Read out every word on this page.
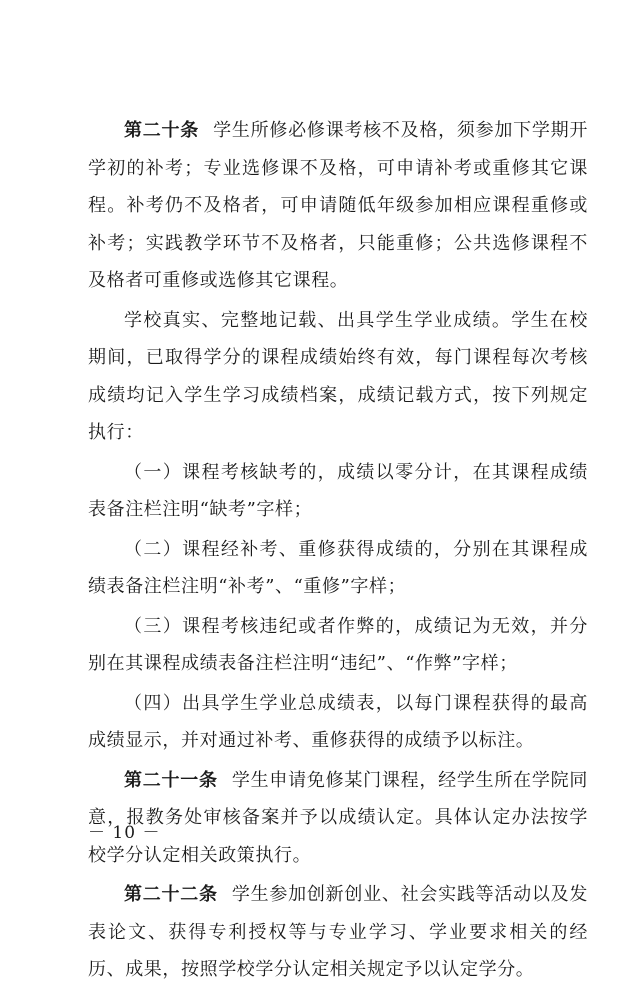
第二十条 学生所修必修课考核不及格，须参加下学期开学初的补考；专业选修课不及格，可申请补考或重修其它课程。补考仍不及格者，可申请随低年级参加相应课程重修或补考；实践教学环节不及格者，只能重修；公共选修课程不及格者可重修或选修其它课程。

学校真实、完整地记载、出具学生学业成绩。学生在校期间，已取得学分的课程成绩始终有效，每门课程每次考核成绩均记入学生学习成绩档案，成绩记载方式，按下列规定执行：

（一）课程考核缺考的，成绩以零分计，在其课程成绩表备注栏注明“缺考”字样；

（二）课程经补考、重修获得成绩的，分别在其课程成绩表备注栏注明“补考”、“重修”字样；

（三）课程考核违纪或者作弊的，成绩记为无效，并分别在其课程成绩表备注栏注明“违纪”、“作弊”字样；

（四）出具学生学业总成绩表，以每门课程获得的最高成绩显示，并对通过补考、重修获得的成绩予以标注。

第二十一条 学生申请免修某门课程，经学生所在学院同意，报教务处审核备案并予以成绩认定。具体认定办法按学校学分认定相关政策执行。

第二十二条 学生参加创新创业、社会实践等活动以及发表论文、获得专利授权等与专业学习、学业要求相关的经历、成果，按照学校学分认定相关规定予以认定学分。

－ 10 －
